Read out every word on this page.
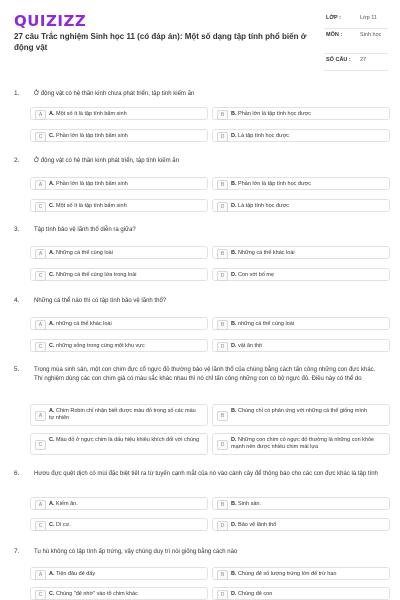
QUIZIZZ
27 câu Trắc nghiệm Sinh học 11 (có đáp án): Một số dạng tập tính phổ biến ở động vật
LỚP :	Lớp 11
MÔN :	Sinh học
SỐ CÂU : 27
1. Ở động vật có hệ thần kinh chưa phát triển, tập tính kiếm ăn
A	A. Một số ít là tập tính bẩm sinh	B	B. Phần lớn là tập tính học được
C	C. Phần lớn là tập tính bẩm sinh	D	D. Là tập tính học được
2. Ở động vật có hệ thần kinh phát triển, tập tính kiếm ăn
A	A. Phần lớn là tập tính bẩm sinh	B	B. Phần lớn là tập tính học được
C	C. Một số ít là tập tính bẩm sinh	D	D. Là tập tính học được
3. Tập tính bảo vệ lãnh thổ diễn ra giữa?
A	A. Những cá thể cùng loài	B	B. Những cá thể khác loài
C	C. Những cá thể cùng lứa trong loài	D	D. Con với bố mẹ
4. Những cá thể nào thì có tập tính bảo vệ lãnh thổ?
A	A. những cá thể khác loài	B	B. những cá thể cùng loài
C	C. những sống trong cùng một khu vực	D	D. vật ăn thịt
5. Trong mùa sinh sản, một con chim đực cổ ngực đỏ thường bảo vệ lãnh thổ của chúng bằng cách tấn công những con đực khác. Thí nghiệm dùng các con chim giả có màu sắc khác nhau thì nó chỉ tấn công những con có bộ ngực đỏ. Điều này có thể do
A
A. Chim Robin chỉ nhận biết được màu đỏ trong số các màu tự nhiên	B
B. Chúng chỉ có phản ứng với những cá thể giống mình
C
C. Màu đỏ ở ngực chim là dấu hiệu khiêu khích đối với chúng
D
D. Những con chim có ngực đỏ thường là những con khỏe mạnh nên được nhiều chim mái lựa
6. Hươu đực quệt dịch có mùi đặc biệt tiết ra từ tuyến cạnh mắt của nó vào cành cây để thông báo cho các con đực khác là tập tính
A	A. Kiếm ăn.	B	B. Sinh sản.
C	C. Di cư.	D	D. Bảo vệ lãnh thổ
7. Tu hú không có tập tính ấp trứng, vậy chúng duy trì nòi giống bằng cách nào
A	A. Tiện đâu đẻ đấy	B	B. Chúng đẻ số lượng trứng lớn để trừ hao
C	C. Chúng "đẻ nhờ" vào tổ chim khác	D	D. Chúng đẻ con
